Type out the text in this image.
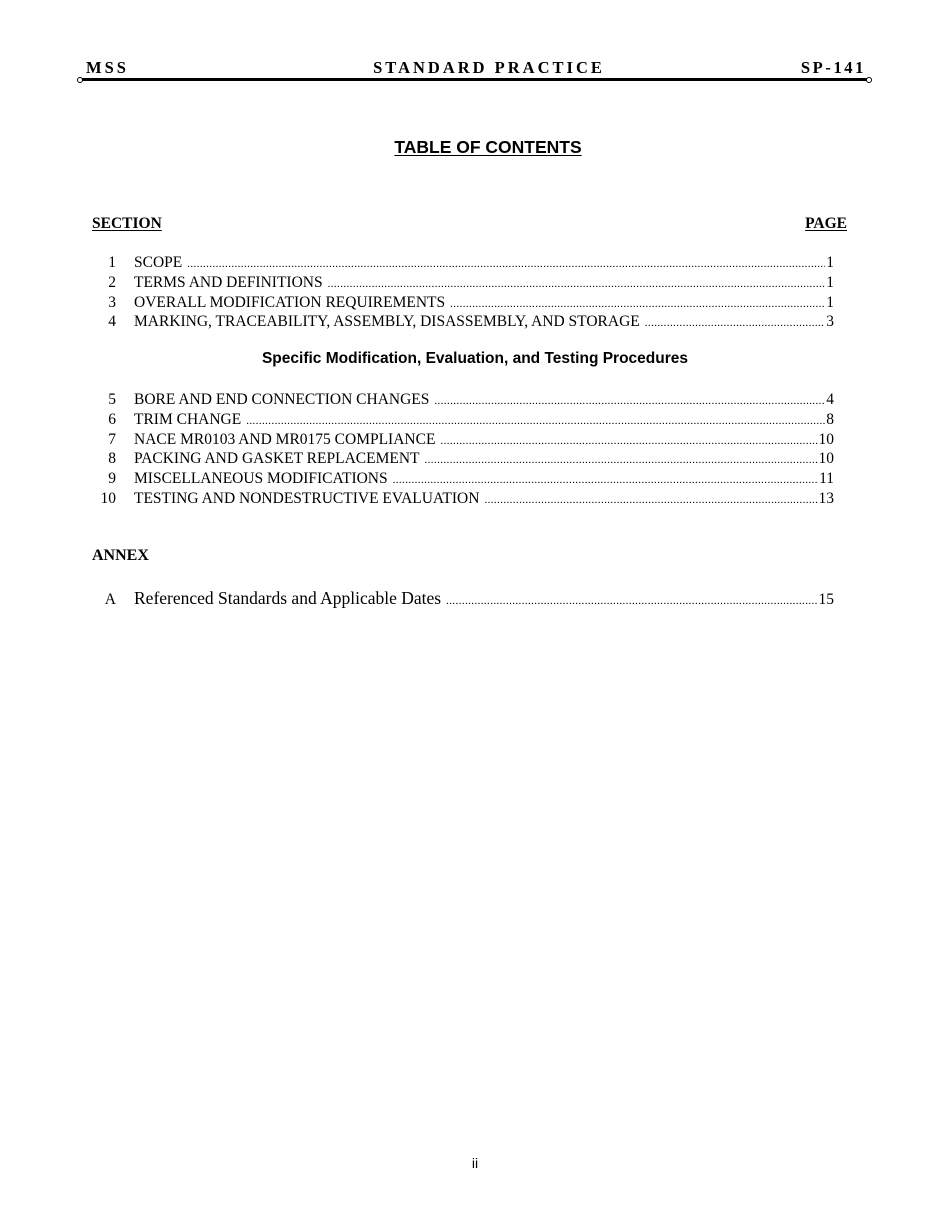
MSS	STANDARD PRACTICE	SP-141
TABLE OF CONTENTS
SECTION	PAGE
1 SCOPE .....	1
2 TERMS AND DEFINITIONS .....	1
3 OVERALL MODIFICATION REQUIREMENTS .....	1
4 MARKING, TRACEABILITY, ASSEMBLY, DISASSEMBLY, AND STORAGE .....	3
Specific Modification, Evaluation, and Testing Procedures
5 BORE AND END CONNECTION CHANGES .....	4
6 TRIM CHANGE .....	8
7 NACE MR0103 AND MR0175 COMPLIANCE .....	10
8 PACKING AND GASKET REPLACEMENT .....	10
9 MISCELLANEOUS MODIFICATIONS .....	11
10 TESTING AND NONDESTRUCTIVE EVALUATION .....	13
ANNEX
A Referenced Standards and Applicable Dates .....	15
ii
